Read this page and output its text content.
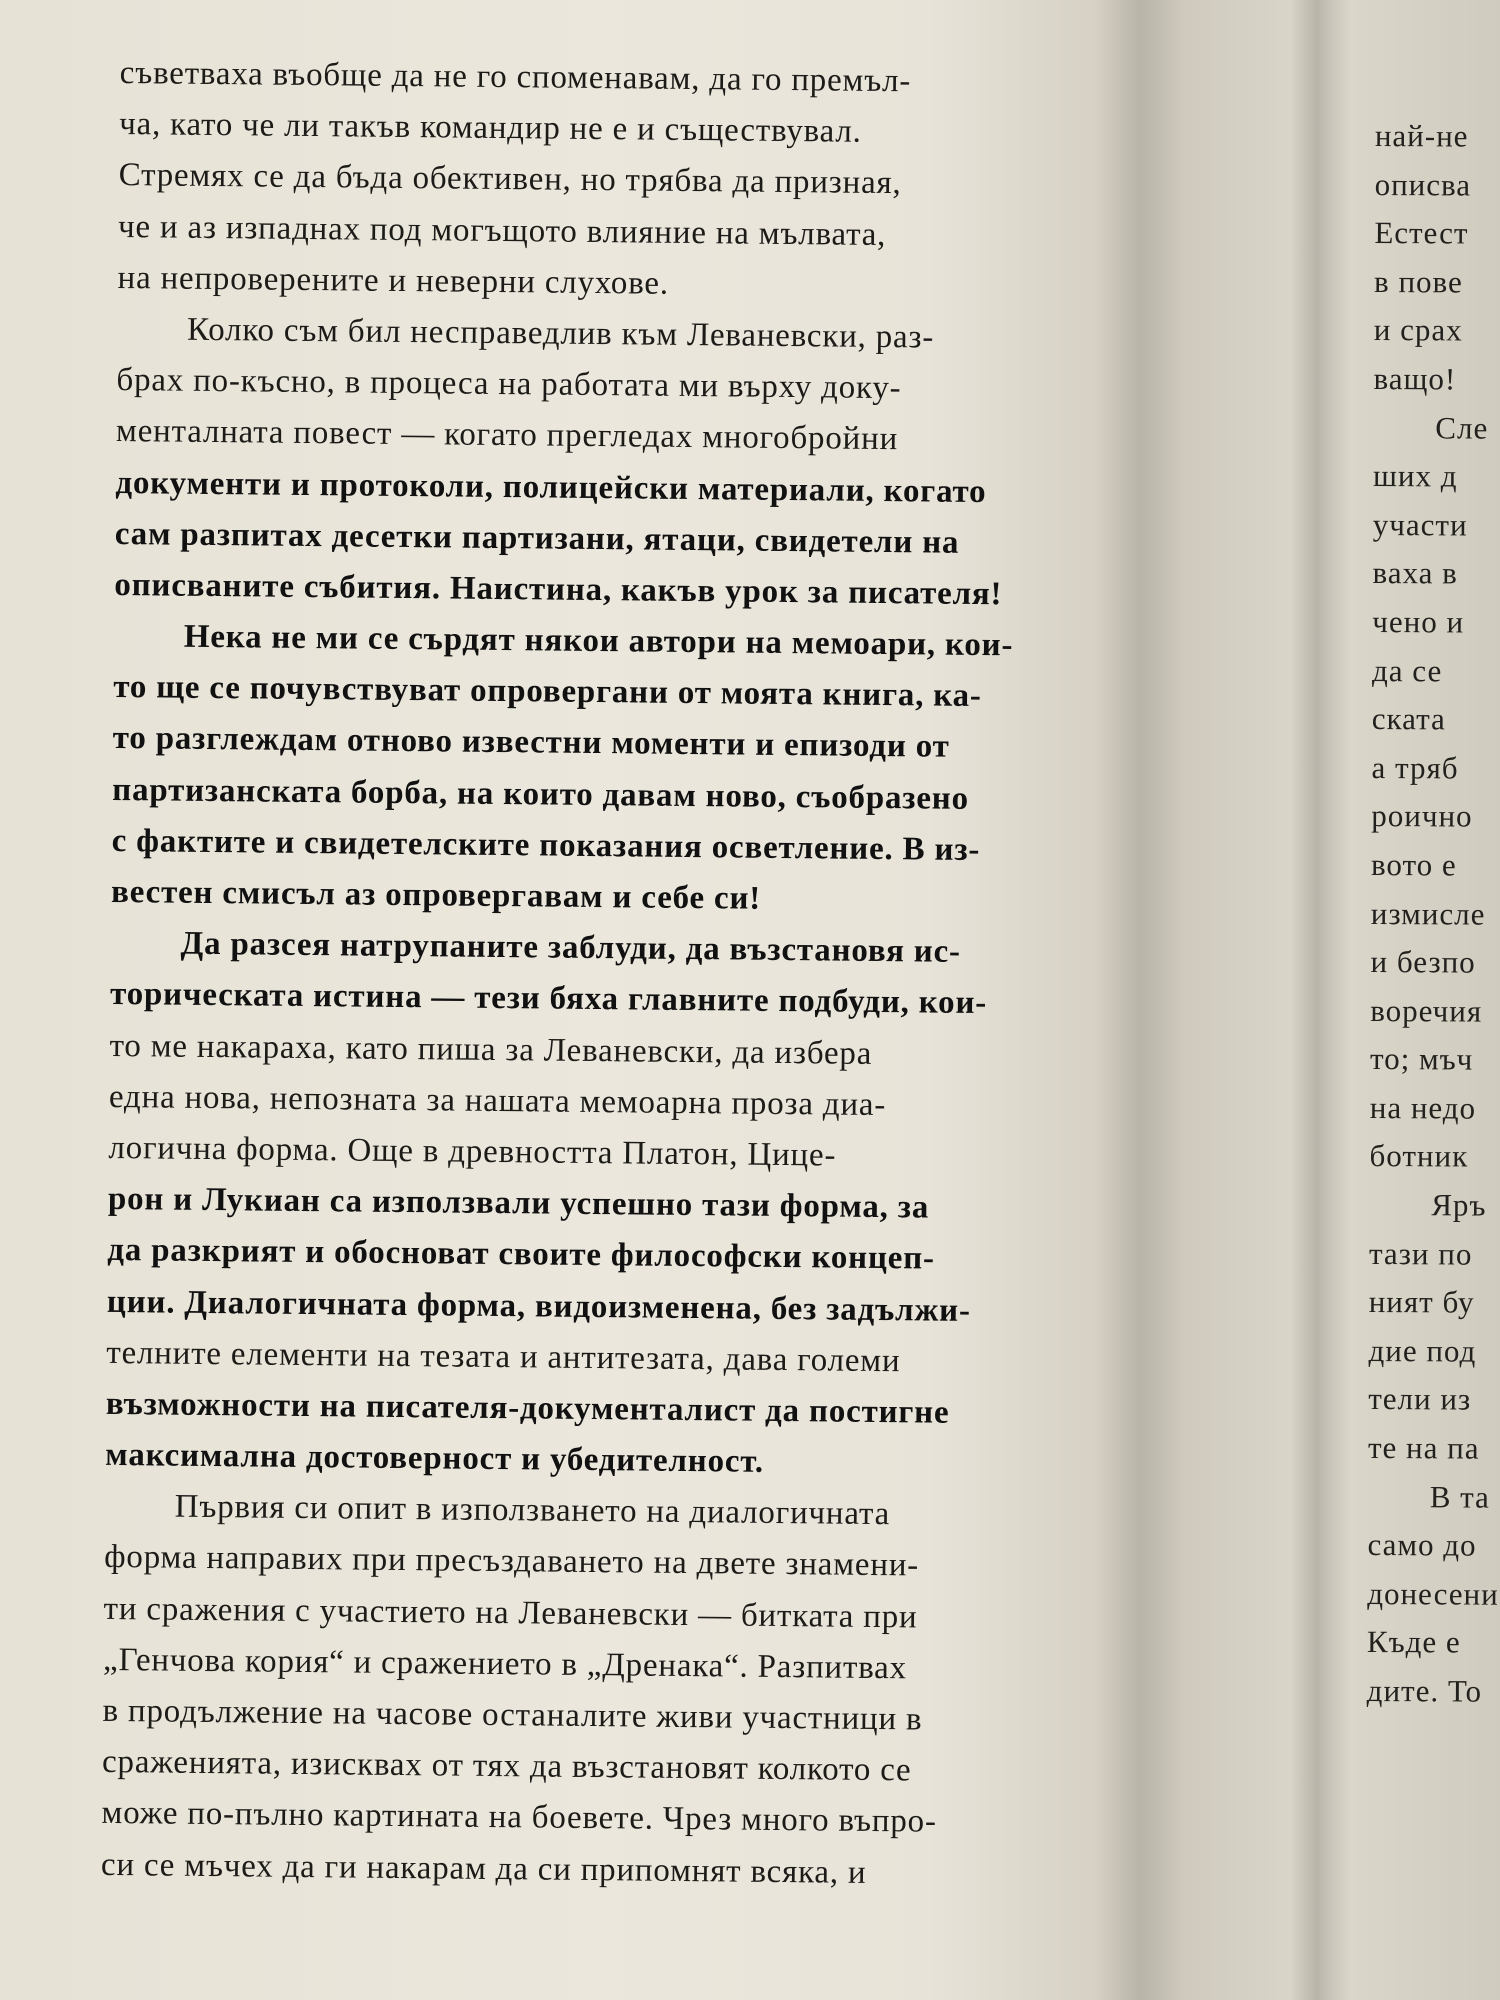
съветваха въобще да не го споменавам, да го премъл-
ча, като че ли такъв командир не е и съществувал.
Стремях се да бъда обективен, но трябва да призная,
че и аз изпаднах под могъщото влияние на мълвата,
на непроверените и неверни слухове.
Колко съм бил несправедлив към Леваневски, раз-
брах по-късно, в процеса на работата ми върху доку-
менталната повест — когато прегледах многобройни
документи и протоколи, полицейски материали, когато
сам разпитах десетки партизани, ятаци, свидетели на
описваните събития. Наистина, какъв урок за писателя!
Нека не ми се сърдят някои автори на мемоари, кои-
то ще се почувствуват опровергани от моята книга, ка-
то разглеждам отново известни моменти и епизоди от
партизанската борба, на които давам ново, съобразено
с фактите и свидетелските показания осветление. В из-
вестен смисъл аз опровергавам и себе си!
Да разсея натрупаните заблуди, да възстановя ис-
торическата истина — тези бяха главните подбуди, кои-
то ме накараха, като пиша за Леваневски, да избера
една нова, непозната за нашата мемоарна проза диа-
логична форма. Още в древността Платон, Цице-
рон и Лукиан са използвали успешно тази форма, за
да разкрият и обосноват своите философски концеп-
ции. Диалогичната форма, видоизменена, без задължи-
телните елементи на тезата и антитезата, дава големи
възможности на писателя-документалист да постигне
максимална достоверност и убедителност.
Първия си опит в използването на диалогичната
форма направих при пресъздаването на двете знамени-
ти сражения с участието на Леваневски — битката при
„Генчова кория“ и сражението в „Дренака“. Разпитвах
в продължение на часове останалите живи участници в
сраженията, изисквах от тях да възстановят колкото се
може по-пълно картината на боевете. Чрез много въпро-
си се мъчех да ги накарам да си припомнят всяка, и
най-не
описва
Естест
в пове
и срах
ващо!
Сле
ших д
участи
ваха в
чено и
да се
ската
а тряб
роичнo
вото е
измисле
и безпо
воречия
то; мъч
на недо
ботник
Яръ
тази по
ният бу
дие под
тели из
те на па
В та
само до
донесени
Къде е
дите. То
